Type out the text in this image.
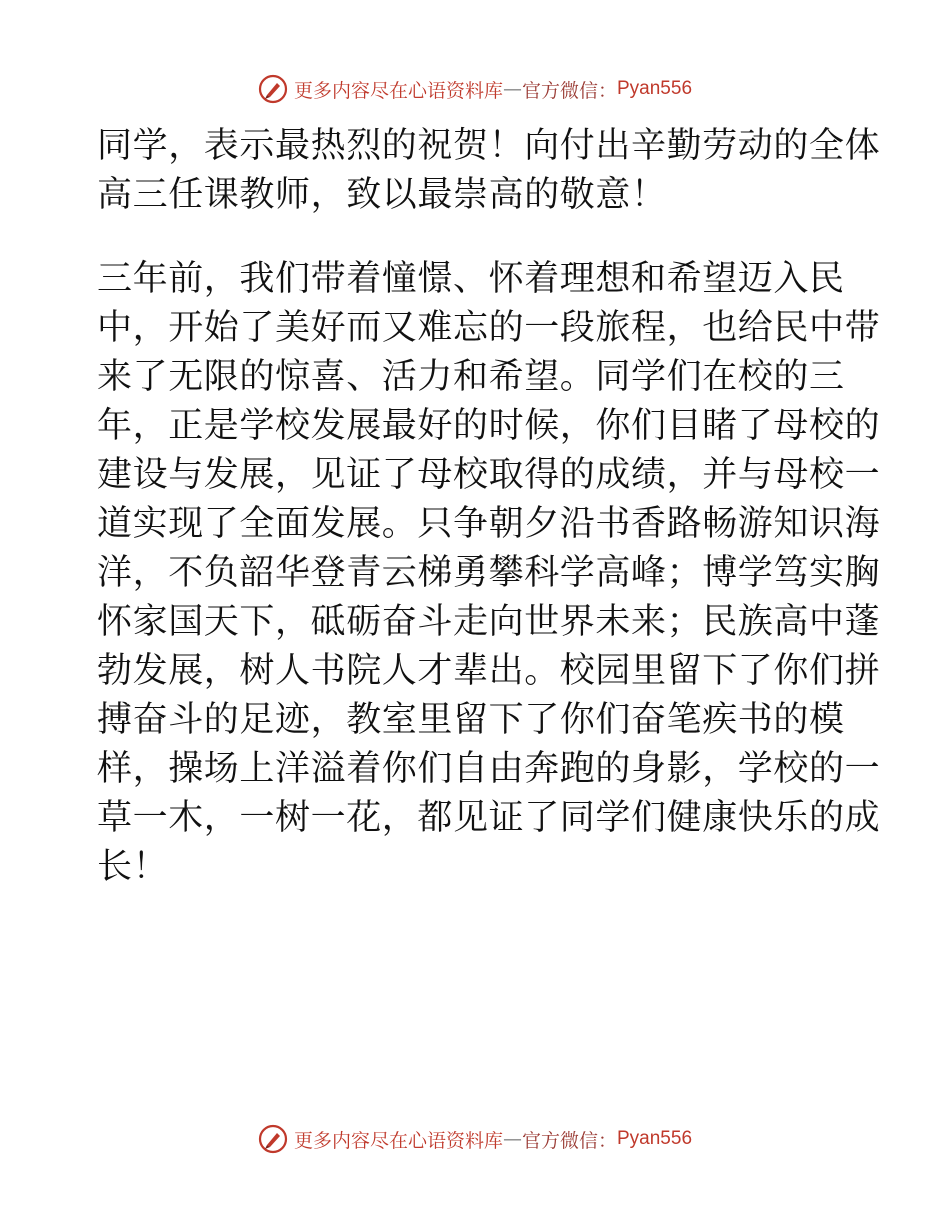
更多内容尽在心语资料库 — 官方微信： Pyan556
同学，表示最热烈的祝贺！向付出辛勤劳动的全体
高三任课教师，致以最崇高的敬意！
三年前，我们带着憧憬、怀着理想和希望迈入民
中，开始了美好而又难忘的一段旅程，也给民中带
来了无限的惊喜、活力和希望。同学们在校的三
年，正是学校发展最好的时候，你们目睹了母校的
建设与发展，见证了母校取得的成绩，并与母校一
道实现了全面发展。只争朝夕沿书香路畅游知识海
洋，不负韶华登青云梯勇攀科学高峰；博学笃实胸
怀家国天下，砥砺奋斗走向世界未来；民族高中蓬
勃发展，树人书院人才辈出。校园里留下了你们拼
搏奋斗的足迹，教室里留下了你们奋笔疾书的模
样，操场上洋溢着你们自由奔跑的身影，学校的一
草一木，一树一花，都见证了同学们健康快乐的成
长！
更多内容尽在心语资料库 — 官方微信： Pyan556
